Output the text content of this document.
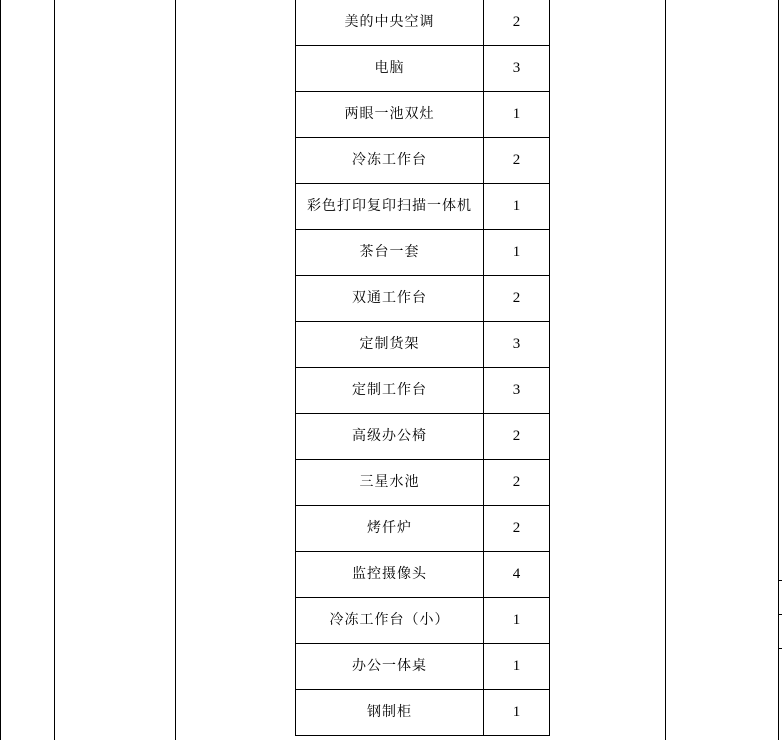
美的中央空调	2
电脑	3
两眼一池双灶	1
冷冻工作台	2
彩色打印复印扫描一体机	1
茶台一套	1
双通工作台	2
定制货架	3
定制工作台	3
高级办公椅	2
三星水池	2
烤仟炉	2
监控摄像头	4
冷冻工作台（小）	1
办公一体桌	1
钢制柜	1
